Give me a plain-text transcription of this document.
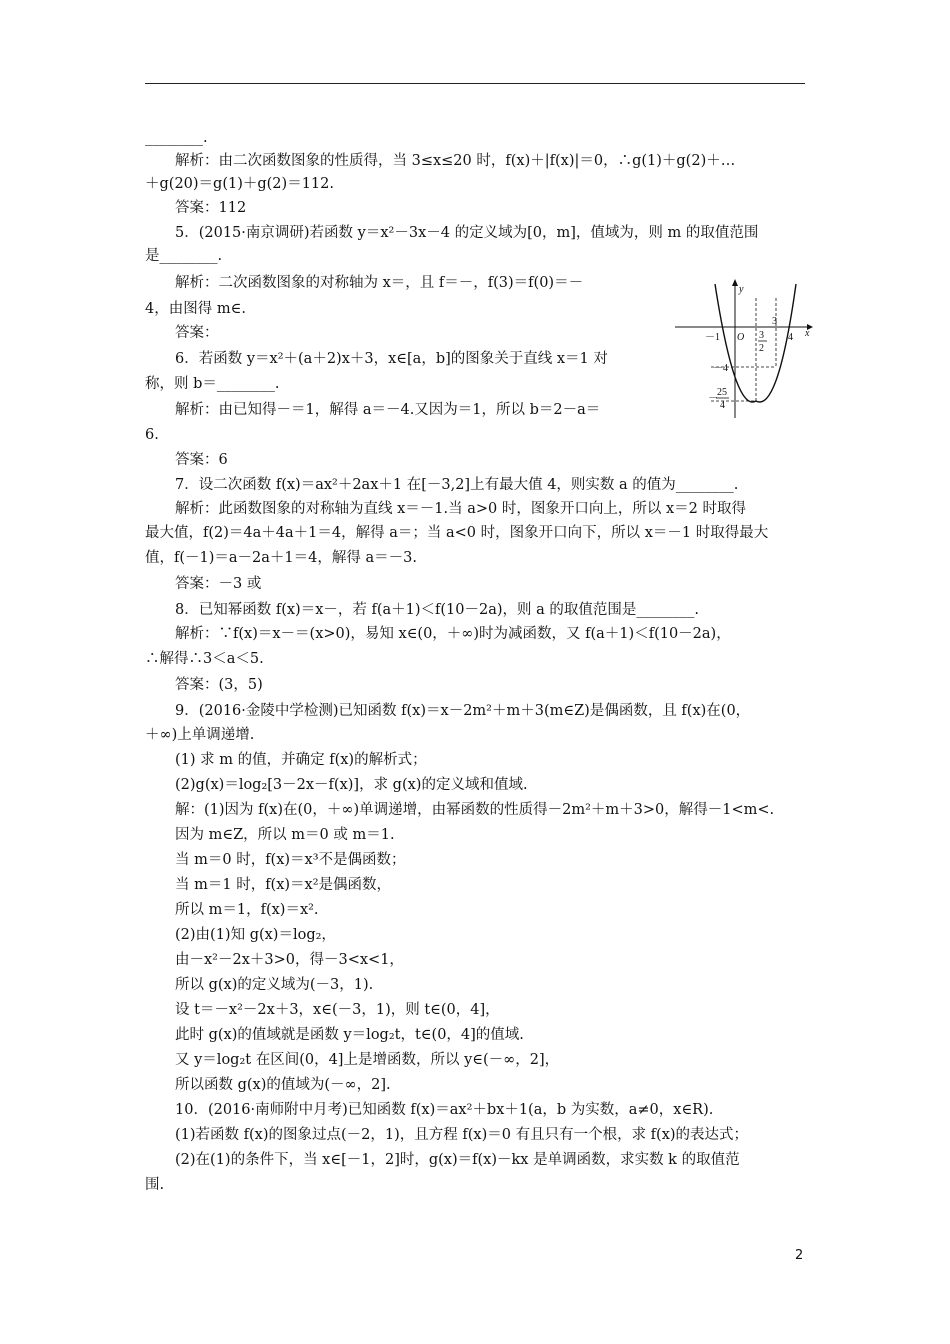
________.
解析：由二次函数图象的性质得，当 3≤x≤20 时，f(x)＋|f(x)|＝0，∴g(1)＋g(2)＋…
＋g(20)＝g(1)＋g(2)＝112.
答案：112
5．(2015·南京调研)若函数 y＝x²－3x－4 的定义域为[0，m]，值域为，则 m 的取值范围
是________.
解析：二次函数图象的对称轴为 x＝，且 f＝－，f(3)＝f(0)＝－
4，由图得 m∈.
答案：
6．若函数 y＝x²＋(a＋2)x＋3，x∈[a，b]的图象关于直线 x＝1 对
称，则 b＝________.
解析：由已知得－＝1，解得 a＝－4.又因为＝1，所以 b＝2－a＝
6.
答案：6
7．设二次函数 f(x)＝ax²＋2ax＋1 在[－3,2]上有最大值 4，则实数 a 的值为________.
解析：此函数图象的对称轴为直线 x＝－1.当 a>0 时，图象开口向上，所以 x＝2 时取得
最大值，f(2)＝4a＋4a＋1＝4，解得 a＝；当 a<0 时，图象开口向下，所以 x＝－1 时取得最大
值，f(－1)＝a－2a＋1＝4，解得 a＝－3.
答案：－3 或
8．已知幂函数 f(x)＝x－，若 f(a＋1)＜f(10－2a)，则 a 的取值范围是________.
解析：∵f(x)＝x－＝(x>0)，易知 x∈(0，＋∞)时为减函数，又 f(a＋1)＜f(10－2a)，
∴解得∴3＜a＜5.
答案：(3，5)
9．(2016·金陵中学检测)已知函数 f(x)＝x－2m²＋m＋3(m∈Z)是偶函数，且 f(x)在(0，
＋∞)上单调递增.
(1) 求 m 的值，并确定 f(x)的解析式；
(2)g(x)＝log₂[3－2x－f(x)]，求 g(x)的定义域和值域.
解：(1)因为 f(x)在(0，＋∞)单调递增，由幂函数的性质得－2m²＋m＋3>0，解得－1<m<.
因为 m∈Z，所以 m＝0 或 m＝1.
当 m＝0 时，f(x)＝x³不是偶函数；
当 m＝1 时，f(x)＝x²是偶函数，
所以 m＝1，f(x)＝x².
(2)由(1)知 g(x)＝log₂，
由－x²－2x＋3>0，得－3<x<1，
所以 g(x)的定义域为(－3，1).
设 t＝－x²－2x＋3，x∈(－3，1)，则 t∈(0，4]，
此时 g(x)的值域就是函数 y＝log₂t，t∈(0，4]的值域.
又 y＝log₂t 在区间(0，4]上是增函数，所以 y∈(－∞，2]，
所以函数 g(x)的值域为(－∞，2].
10．(2016·南师附中月考)已知函数 f(x)＝ax²＋bx＋1(a，b 为实数，a≠0，x∈R).
(1)若函数 f(x)的图象过点(－2，1)，且方程 f(x)＝0 有且只有一个根，求 f(x)的表达式；
(2)在(1)的条件下，当 x∈[－1，2]时，g(x)＝f(x)－kx 是单调函数，求实数 k 的取值范
围.
y
x
O
－1
3
3
2
4
－4
25
4
－
2
